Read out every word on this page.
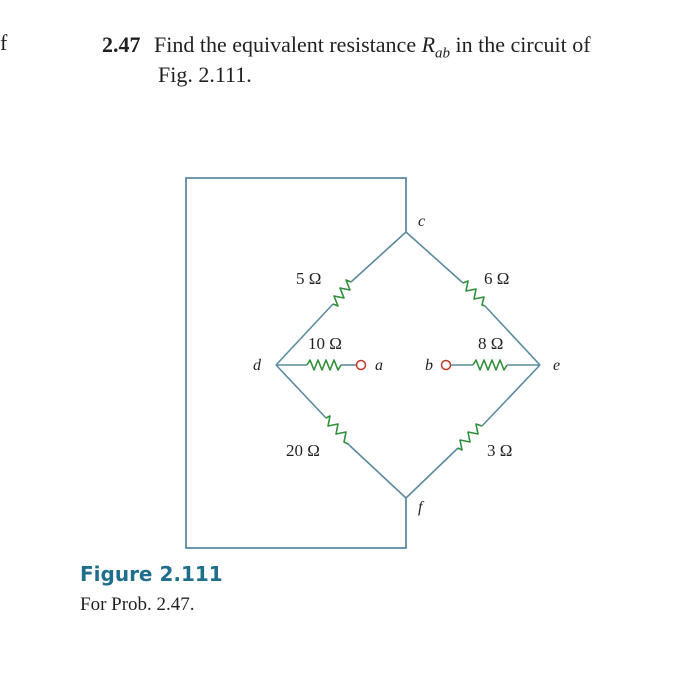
f	2.47 Find the equivalent resistance $R_{ab}$ in the circuit of
Fig. 2.111.
5 Ω	6 Ω
10 Ω	8 Ω
20 Ω	3 Ω
c
d	a	b	e
f
Figure 2.111
For Prob. 2.47.
